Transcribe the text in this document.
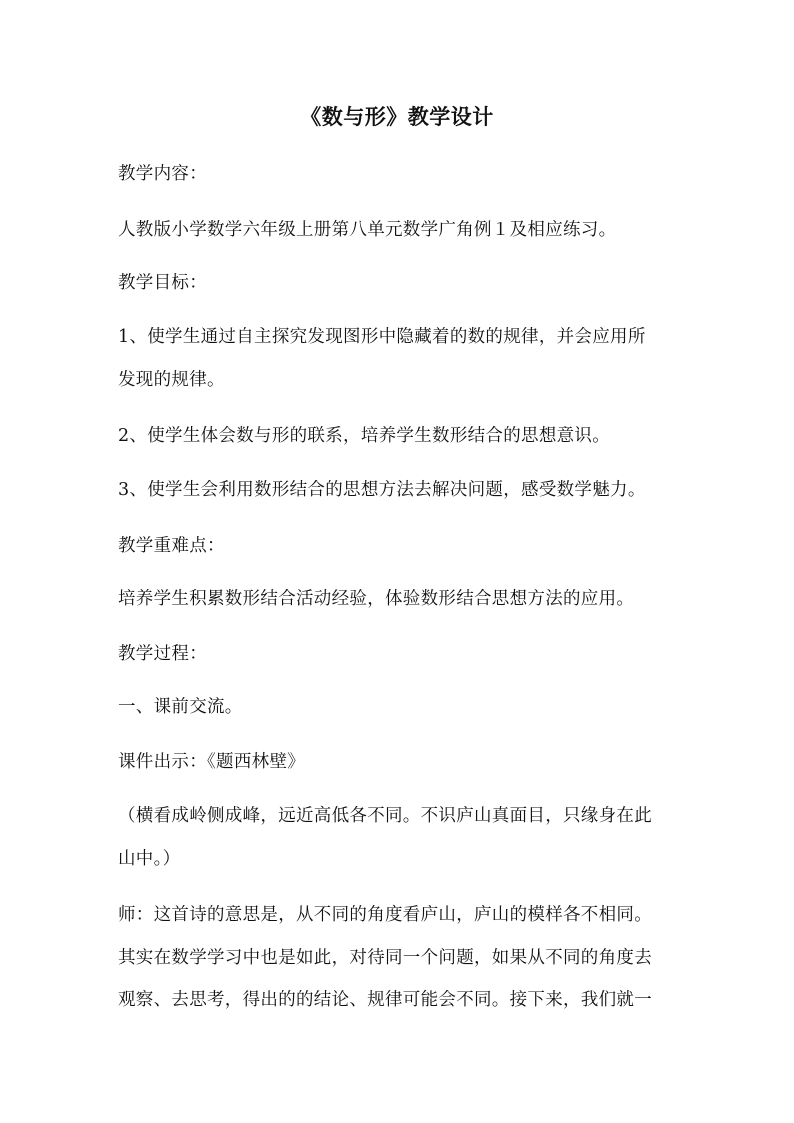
《数与形》教学设计
教学内容：
人教版小学数学六年级上册第八单元数学广角例１及相应练习。
教学目标：
1、使学生通过自主探究发现图形中隐藏着的数的规律，并会应用所
发现的规律。
2、使学生体会数与形的联系，培养学生数形结合的思想意识。
3、使学生会利用数形结合的思想方法去解决问题，感受数学魅力。
教学重难点：
培养学生积累数形结合活动经验，体验数形结合思想方法的应用。
教学过程：
一、课前交流。
课件出示：《题西林壁》
（横看成岭侧成峰，远近高低各不同。不识庐山真面目，只缘身在此
山中。）
师：这首诗的意思是，从不同的角度看庐山，庐山的模样各不相同。
其实在数学学习中也是如此，对待同一个问题，如果从不同的角度去
观察、去思考，得出的的结论、规律可能会不同。接下来，我们就一
